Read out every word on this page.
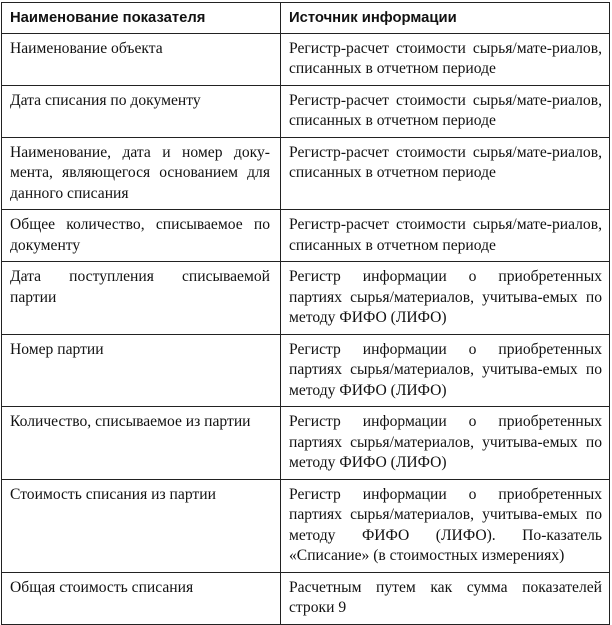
Наименование показателя	Источник информации
Наименование объекта	Регистр-расчет стоимости сырья/мате-риалов, списанных в отчетном периоде
Дата списания по документу	Регистр-расчет стоимости сырья/мате-риалов, списанных в отчетном периоде
Наименование, дата и номер доку-мента, являющегося основанием для данного списания	Регистр-расчет стоимости сырья/мате-риалов, списанных в отчетном периоде
Общее количество, списываемое по документу	Регистр-расчет стоимости сырья/мате-риалов, списанных в отчетном периоде
Дата поступления списываемой партии	Регистр информации о приобретенных партиях сырья/материалов, учитыва-емых по методу ФИФО (ЛИФО)
Номер партии	Регистр информации о приобретенных партиях сырья/материалов, учитыва-емых по методу ФИФО (ЛИФО)
Количество, списываемое из партии	Регистр информации о приобретенных партиях сырья/материалов, учитыва-емых по методу ФИФО (ЛИФО)
Стоимость списания из партии	Регистр информации о приобретенных партиях сырья/материалов, учитыва-емых по методу ФИФО (ЛИФО). По-казатель «Списание» (в стоимостных измерениях)
Общая стоимость списания	Расчетным путем как сумма показателей строки 9
